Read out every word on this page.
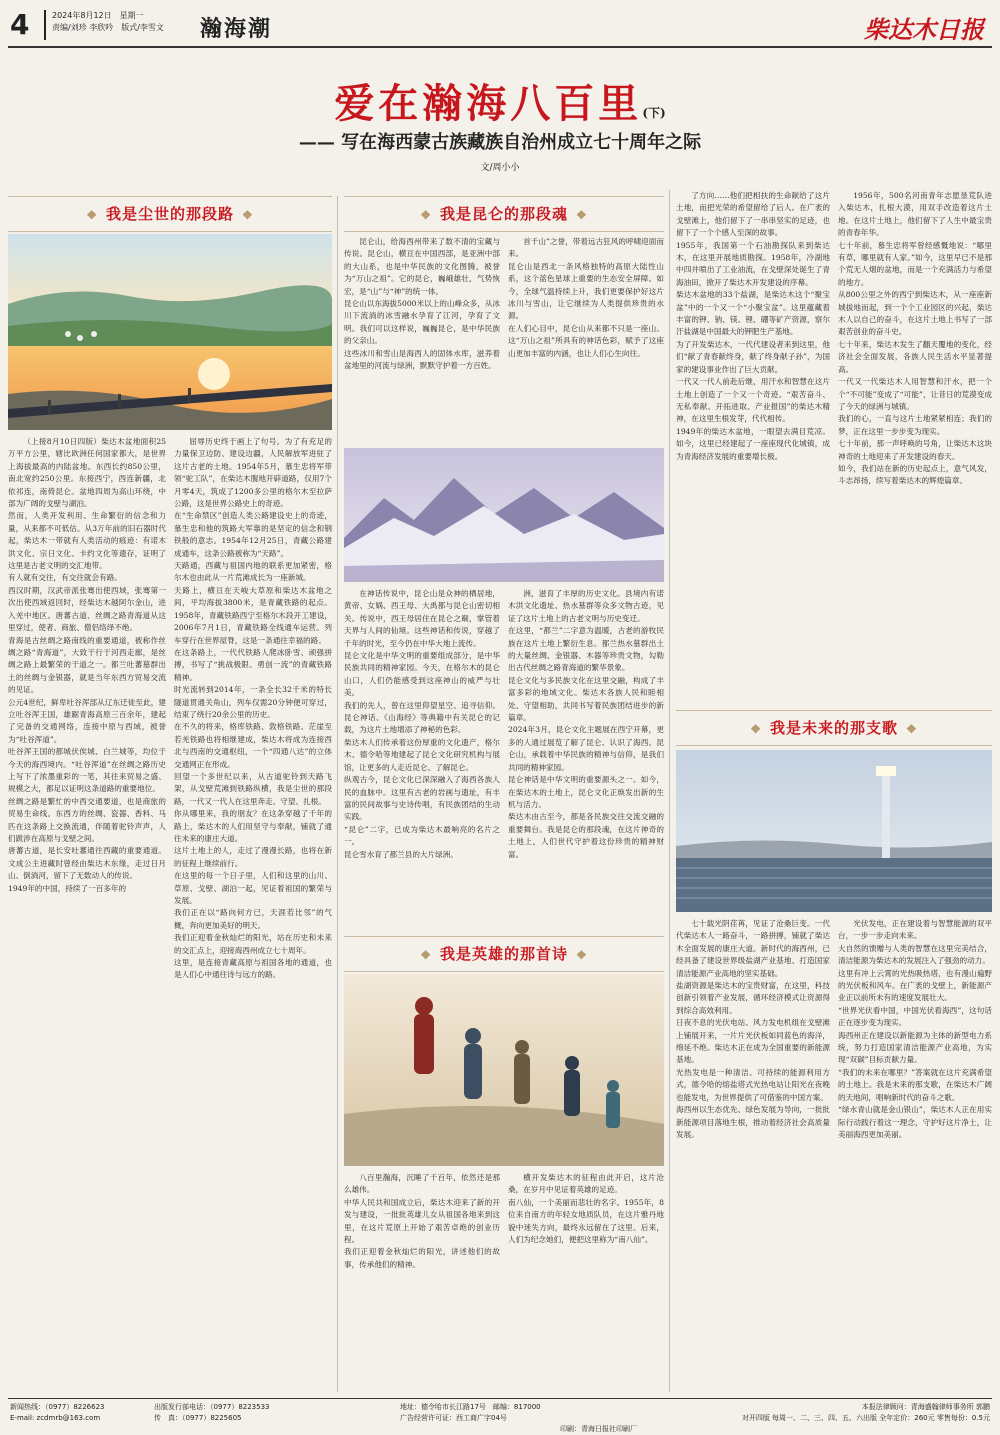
4	2024年8月12日　星期一
责编/刘珍 李欣吟　版式/李雪文 瀚海潮	柴达木日报
爱在瀚海八百里(下)
—— 写在海西蒙古族藏族自治州成立七十周年之际
文/周小小
❖ 我是尘世的那段路 ❖

（上接8月10日四版）柴达木盆地面积25万平方公里，辖比欧洲任何国家都大，是世界上海拔最高的内陆盆地。东西长约850公里，南北宽约250公里。东接西宁，西连新疆，北依祁连，南倚昆仑。盆地四周为高山环绕，中部为广阔的戈壁与湖泊。
然而，人类开发利用、生命繁衍的信念和力量，从来都不可低估。从3万年前的旧石器时代起，柴达木一带就有人类活动的痕迹：有诺木洪文化、宗日文化、卡约文化等遗存，证明了这里是古老文明的交汇地带。
有人就有交往，有交往就会有路。
西汉时期，汉武帝派张骞出使西域，张骞第一次出使西域返回时，经柴达木越阿尔金山，进入羌中地区。唐蕃古道、丝绸之路青海道从这里穿过，使者、商旅、僧侣络绎不绝。
青海是古丝绸之路南线的重要通道，被称作丝绸之路“青海道”，大致干行于河西走廊，是丝绸之路上最繁荣的干道之一。都兰吐蕃墓群出土的丝绸与金银器，就是当年东西方贸易交流的见证。
公元4世纪，鲜卑吐谷浑部从辽东迁徙至此，建立吐谷浑王国，雄踞青海高原三百余年，建起了完备的交通网络，连接中原与西域，被誉为“吐谷浑道”。
吐谷浑王国的都城伏俟城、白兰城等，均位于今天的海西境内。“吐谷浑道”在丝绸之路历史上写下了浓墨重彩的一笔，其往来贸易之盛、规模之大，都足以证明这条道路的重要地位。
丝绸之路是繁忙的中西交通要道，也是商旅的贸易生命线。东西方的丝绸、瓷器、香料、马匹在这条路上交换流通，伴随着驼铃声声，人们跋涉在高原与戈壁之间。
唐蕃古道，是长安吐蕃通往西藏的重要通道。文成公主进藏时曾经由柴达木东缘，走过日月山、倒淌河，留下了无数动人的传说。
1949年的中国，持续了一百多年的

屈辱历史终于画上了句号。为了有充足的力量保卫边防、建设边疆，人民解放军进驻了这片古老的土地。1954年5月，慕生忠将军带领“驼工队”，在柴达木腹地开辟道路，仅用7个月零4天，筑成了1200多公里的格尔木至拉萨公路，这是世界公路史上的奇迹。
在“生命禁区”创造人类公路建设史上的奇迹，慕生忠和他的筑路大军靠的是坚定的信念和钢铁般的意志。1954年12月25日，青藏公路建成通车，这条公路被称为“天路”。
天路通，西藏与祖国内地的联系更加紧密，格尔木也由此从一片荒滩成长为一座新城。
天路上，横亘在天峻大草原和柴达木盆地之间，平均海拔3800米，是青藏铁路的起点。1958年，青藏铁路西宁至格尔木段开工建设，2006年7月1日，青藏铁路全线通车运营。列车穿行在世界屋脊，这是一条通往幸福的路。
在这条路上，一代代铁路人爬冰卧雪、顽强拼搏，书写了“挑战极限、勇创一流”的青藏铁路精神。
时光流转到2014年，一条全长32千米的特长隧道贯通关角山，列车仅需20分钟便可穿过，结束了绕行20余公里的历史。
在不久的将来，格库铁路、敦格铁路、茫崖至若羌铁路也将相继建成，柴达木将成为连接西北与西南的交通枢纽，一个“四通八达”的立体交通网正在形成。
回望一个多世纪以来，从古道驼铃到天路飞架，从戈壁荒滩到铁路纵横，我是尘世的那段路，一代又一代人在这里奔走、守望、扎根。
你从哪里来，我的朋友？在这条穿越了千年的路上，柴达木的人们用坚守与奉献，铺就了通往未来的康庄大道。
这片土地上的人，走过了漫漫长路，也将在新的征程上继续前行。
在这里的每一个日子里，人们和这里的山川、草原、戈壁、湖泊一起，见证着祖国的繁荣与发展。
我们正在以“路向何方已，天涯若比邻”的气概，奔向更加美好的明天。
我们正迎着金秋灿烂的阳光，站在历史和未来的交汇点上，迎接海西州成立七十周年。
这里，是连接青藏高原与祖国各地的通道，也是人们心中通往诗与远方的路。

❖ 我是昆仑的那段魂 ❖

昆仑山，给海西州带来了数不清的宝藏与传说。昆仑山，横亘在中国西部，是亚洲中部的大山系，也是中华民族的文化图腾，被誉为“万山之祖”。它的昆仑，巍峨雄壮，气势恢宏，是“山”与“神”的统一体。
昆仑山以东海拔5000米以上的山峰众多，从冰川下流淌的冰雪融水孕育了江河，孕育了文明。我们可以这样说，巍巍昆仑，是中华民族的父亲山。
这些冰川和雪山是海西人的固体水库，滋养着盆地里的河流与绿洲，默默守护着一方百姓。

首千山”之誉，带着远古狂风的呼啸迎面而来。
昆仑山是西北一条风格独特的高原大陆性山系，这个蓝色星球上重要的生态安全屏障。如今，全球气温持续上升，我们更要保护好这片冰川与雪山，让它继续为人类提供珍贵的水源。
在人们心目中，昆仑山从来都不只是一座山。这“万山之祖”所具有的神话色彩，赋予了这座山更加丰富的内涵，也让人们心生向往。

在神话传说中，昆仑山是众神的栖居地，黄帝、女娲、西王母、大禹都与昆仑山密切相关。传说中，西王母居住在昆仑之巅，掌管着天界与人间的仙境。这些神话和传说，穿越了千年的时光，至今仍在中华大地上流传。
昆仑文化是中华文明的重要组成部分，是中华民族共同的精神家园。今天，在格尔木的昆仑山口，人们仍能感受到这座神山的威严与壮美。
我们的先人，曾在这里仰望星空、追寻信仰。昆仑神话、《山海经》等典籍中有关昆仑的记载，为这片土地增添了神秘的色彩。
柴达木人们传承着这份厚重的文化遗产，格尔木、德令哈等地建起了昆仑文化研究机构与展馆，让更多的人走近昆仑、了解昆仑。
纵观古今，昆仑文化已深深融入了海西各族人民的血脉中。这里有古老的岩画与遗址，有丰富的民间故事与史诗传唱，有民族团结的生动实践。
“昆仑”二字，已成为柴达木最响亮的名片之一。
昆仑雪水育了都兰县的大片绿洲。

洲，滋育了丰厚的历史文化。县境内有诺木洪文化遗址、热水墓群等众多文物古迹，见证了这片土地上的古老文明与历史变迁。
在这里，“都兰”二字意为温暖，古老的游牧民族在这片土地上繁衍生息。都兰热水墓群出土的大量丝绸、金银器、木器等珍贵文物，勾勒出古代丝绸之路青海道的繁华景象。
昆仑文化与多民族文化在这里交融，构成了丰富多彩的地域文化。柴达木各族人民和睦相处、守望相助，共同书写着民族团结进步的新篇章。
2024年3月，昆仑文化主题展在西宁开幕，更多的人通过展览了解了昆仑、认识了海西。昆仑山，承载着中华民族的精神与信仰，是我们共同的精神家园。
昆仑神话是中华文明的重要源头之一。如今，在柴达木的土地上，昆仑文化正焕发出新的生机与活力。
柴达木由古至今，都是各民族交往交流交融的重要舞台。我是昆仑的那段魂，在这片神奇的土地上，人们世代守护着这份珍贵的精神财富。

❖ 我是英雄的那首诗 ❖

八百里瀚海，沉睡了千百年，依然还是那么雄伟。
中华人民共和国成立后，柴达木迎来了新的开发与建设，一批批英雄儿女从祖国各地来到这里，在这片荒原上开始了艰苦卓绝的创业历程。
我们正迎着金秋灿烂的阳光，讲述他们的故事，传承他们的精神。

横开发柴达木的征程由此开启，这片沧桑，在岁月中见证着英雄的足迹。
南八仙，一个美丽而悲壮的名字。1955年，8位来自南方的年轻女地质队员，在这片雅丹地貌中迷失方向，最终永远留在了这里。后来，人们为纪念她们，便把这里称为“南八仙”。

了方向……他们把相扶的生命献给了这片土地，而把光荣的希望留给了后人。在广袤的戈壁滩上，他们留下了一串串坚实的足迹，也留下了一个个感人至深的故事。
1955年，我国第一个石油勘探队来到柴达木，在这里开展地质勘探。1958年，冷湖地中四井喷出了工业油流，在戈壁深处诞生了青海油田，掀开了柴达木开发建设的序幕。
柴达木盆地的33个盐湖，是柴达木这个“聚宝盆”中的一个又一个“小聚宝盆”。这里蕴藏着丰富的钾、钠、镁、锂、硼等矿产资源，察尔汗盐湖是中国最大的钾肥生产基地。
为了开发柴达木，一代代建设者来到这里，他们“献了青春献终身，献了终身献子孙”，为国家的建设事业作出了巨大贡献。
一代又一代人前赴后继，用汗水和智慧在这片土地上创造了一个又一个奇迹。“艰苦奋斗、无私奉献、开拓进取、产业报国”的柴达木精神，在这里生根发芽，代代相传。
1949年的柴达木盆地，一眼望去满目荒凉。如今，这里已经建起了一座座现代化城镇，成为青海经济发展的重要增长极。

1956年，500名河南青年志愿垦荒队进入柴达木，扎根大漠，用双手改造着这片土地。在这片土地上，他们留下了人生中最宝贵的青春年华。
七十年前，慕生忠将军曾经感慨地说：“哪里有草，哪里就有人家。”如今，这里早已不是那个荒无人烟的盆地，而是一个充满活力与希望的地方。
从800公里之外的西宁到柴达木，从一座座新城拔地而起，到一个个工业园区的兴起，柴达木人以自己的奋斗，在这片土地上书写了一部艰苦创业的奋斗史。
七十年来，柴达木发生了翻天覆地的变化，经济社会全面发展，各族人民生活水平显著提高。
一代又一代柴达木人用智慧和汗水，把一个个“不可能”变成了“可能”，让昔日的荒漠变成了今天的绿洲与城镇。
我们的心，一直与这片土地紧紧相连；我们的梦，正在这里一步步变为现实。
七十年前，那一声呼唤的号角，让柴达木这块神奇的土地迎来了开发建设的春天。
如今，我们站在新的历史起点上，意气风发，斗志昂扬，续写着柴达木的辉煌篇章。

❖ 我是未来的那支歌 ❖

七十载光阴荏苒，见证了沧桑巨变。一代代柴达木人一路奋斗，一路拼搏，铺就了柴达木全面发展的康庄大道。新时代的海西州，已经具备了建设世界级盐湖产业基地、打造国家清洁能源产业高地的坚实基础。
盐湖资源是柴达木的宝贵财富，在这里，科技创新引领着产业发展，循环经济模式让资源得到综合高效利用。
日夜不息的光伏电站、风力发电机组在戈壁滩上铺展开来，一片片光伏板如同蓝色的海洋，绵延不绝。柴达木正在成为全国重要的新能源基地。
光热发电是一种清洁、可持续的能源利用方式，德令哈的熔盐塔式光热电站让阳光在夜晚也能发电，为世界提供了可借鉴的中国方案。
海西州以生态优先、绿色发展为导向，一批批新能源项目落地生根，推动着经济社会高质量发展。

光伏发电，正在建设着与智慧能源的双平台，一步一步走向未来。
大自然的馈赠与人类的智慧在这里完美结合，清洁能源为柴达木的发展注入了强劲的动力。
这里有冲上云霄的光热吸热塔，也有漫山遍野的光伏板和风车。在广袤的戈壁上，新能源产业正以前所未有的速度发展壮大。
“世界光伏看中国，中国光伏看海西”，这句话正在逐步变为现实。
海西州正在建设以新能源为主体的新型电力系统，努力打造国家清洁能源产业高地，为实现“双碳”目标贡献力量。
“我们的未来在哪里？”答案就在这片充满希望的土地上。我是未来的那支歌，在柴达木广阔的天地间，唱响新时代的奋斗之歌。
“绿水青山就是金山银山”，柴达木人正在用实际行动践行着这一理念，守护好这片净土，让美丽海西更加美丽。

新闻热线：（0977）8226623
E-mail: zcdmrb@163.com
出版发行部电话：（0977）8223533
传　真：（0977）8225605
地址：德令哈市长江路17号　邮编：817000
广告经营许可证：西工商广字04号
印刷：青海日报社印刷厂
本报法律顾问：青海盛翰律师事务所 郭鹏
对开四版 每周一、二、三、四、五、六出版 全年定价：260元 零售每份：0.5元
